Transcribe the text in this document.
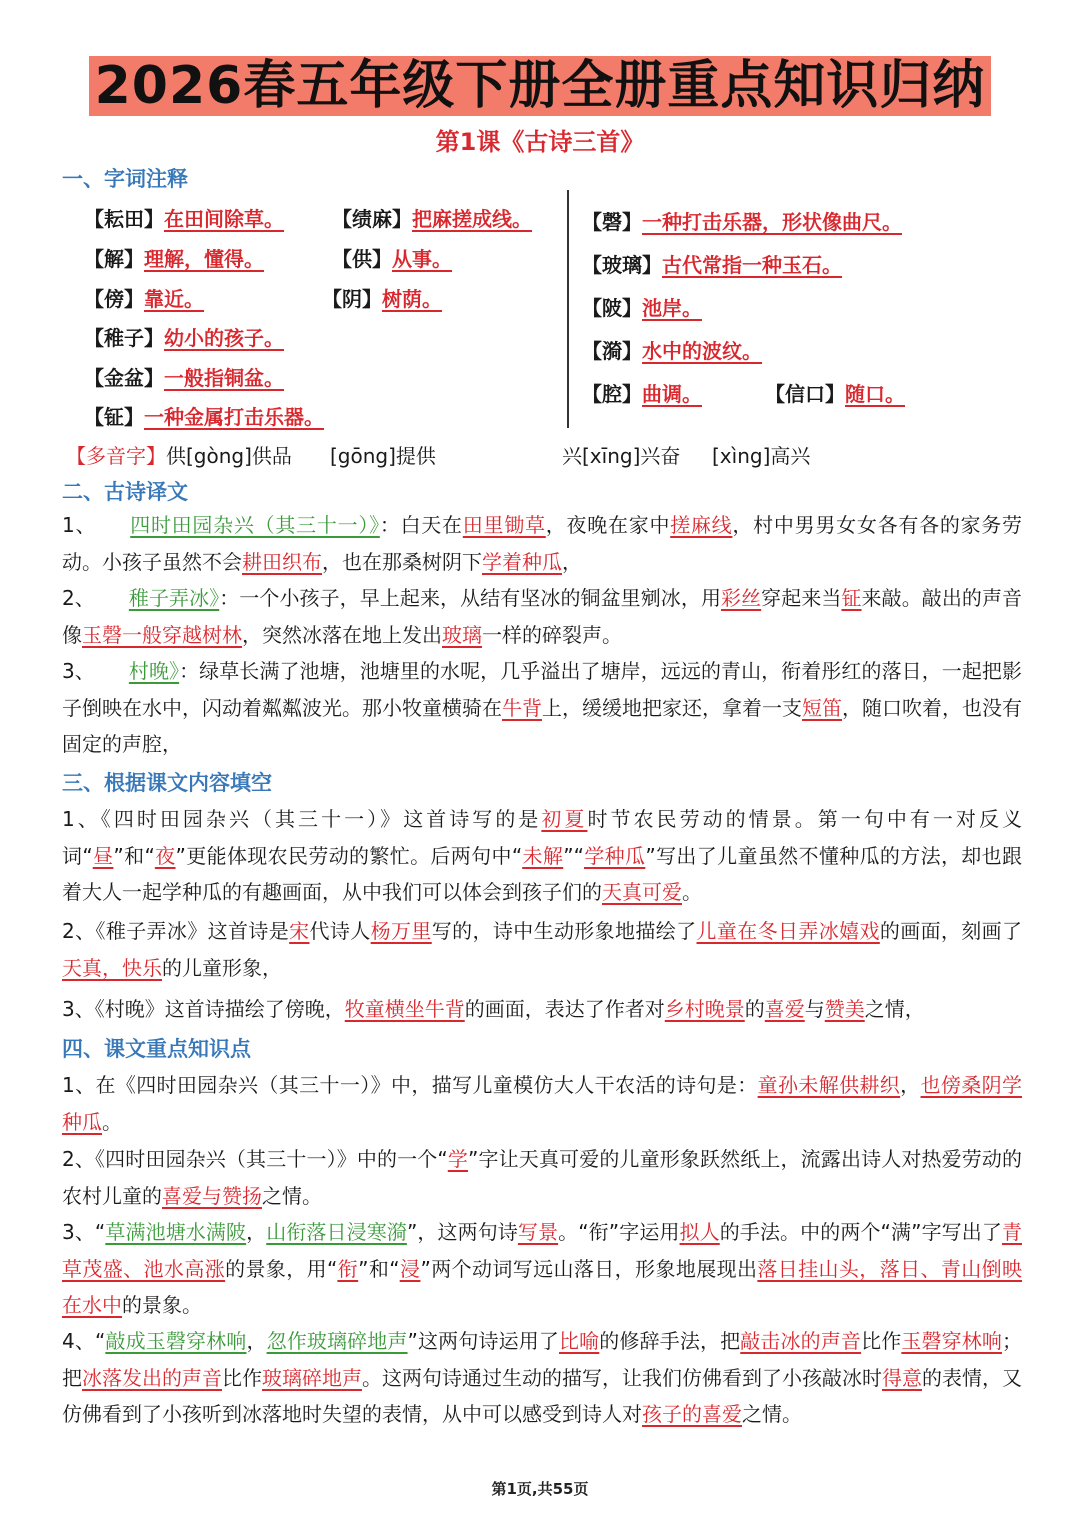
2026春五年级下册全册重点知识归纳
第1课《古诗三首》
一、字词注释
【耘田】在田间除草。 【绩麻】把麻搓成线。
【解】理解，懂得。	【供】从事。
【傍】靠近。	【阴】树荫。
【稚子】幼小的孩子。
【金盆】一般指铜盆。
【钲】一种金属打击乐器。
【磬】一种打击乐器，形状像曲尺。
【玻璃】古代常指一种玉石。
【陂】池岸。
【漪】水中的波纹。
【腔】曲调。	【信口】随口。
【多音字】供[gòng]供品 [gōng]提供	兴[xīng]兴奋 [xìng]高兴
二、古诗译文
1、 四时田园杂兴（其三十一）》：白天在田里锄草，夜晚在家中搓麻线，村中男男女女各有各的家务劳动。小孩子虽然不会耕田织布，也在那桑树阴下学着种瓜，
2、 稚子弄冰》：一个小孩子，早上起来，从结有坚冰的铜盆里剜冰，用彩丝穿起来当钲来敲。敲出的声音像玉磬一般穿越树林，突然冰落在地上发出玻璃一样的碎裂声。
3、 村晚》：绿草长满了池塘，池塘里的水呢，几乎溢出了塘岸，远远的青山，衔着彤红的落日，一起把影子倒映在水中，闪动着粼粼波光。那小牧童横骑在牛背上，缓缓地把家还，拿着一支短笛，随口吹着，也没有固定的声腔，
三、根据课文内容填空
1、《四时田园杂兴（其三十一）》这首诗写的是初夏时节农民劳动的情景。第一句中有一对反义词“昼”和“夜”更能体现农民劳动的繁忙。后两句中“未解”“学种瓜”写出了儿童虽然不懂种瓜的方法，却也跟着大人一起学种瓜的有趣画面，从中我们可以体会到孩子们的天真可爱。
2、《稚子弄冰》这首诗是宋代诗人杨万里写的，诗中生动形象地描绘了儿童在冬日弄冰嬉戏的画面，刻画了天真，快乐的儿童形象，
3、《村晚》这首诗描绘了傍晚，牧童横坐牛背的画面，表达了作者对乡村晚景的喜爱与赞美之情，
四、课文重点知识点
1、在《四时田园杂兴（其三十一）》中，描写儿童模仿大人干农活的诗句是：童孙未解供耕织，也傍桑阴学种瓜。
2、《四时田园杂兴（其三十一）》中的一个“学”字让天真可爱的儿童形象跃然纸上，流露出诗人对热爱劳动的农村儿童的喜爱与赞扬之情。
3、“草满池塘水满陂，山衔落日浸寒漪”，这两句诗写景。“衔”字运用拟人的手法。中的两个“满”字写出了青草茂盛、池水高涨的景象，用“衔”和“浸”两个动词写远山落日，形象地展现出落日挂山头，落日、青山倒映在水中的景象。
4、“敲成玉磬穿林响，忽作玻璃碎地声”这两句诗运用了比喻的修辞手法，把敲击冰的声音比作玉磬穿林响；把冰落发出的声音比作玻璃碎地声。这两句诗通过生动的描写，让我们仿佛看到了小孩敲冰时得意的表情，又仿佛看到了小孩听到冰落地时失望的表情，从中可以感受到诗人对孩子的喜爱之情。
第1页,共55页
